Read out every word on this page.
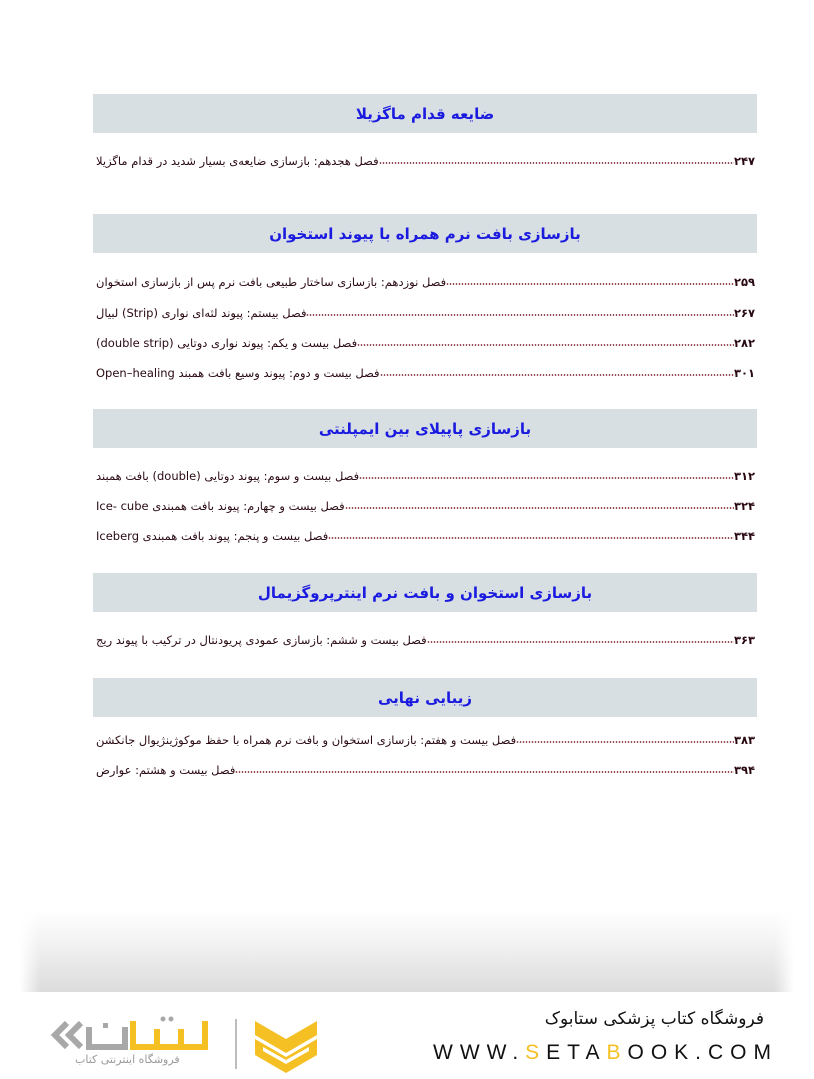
ضایعه قدام ماگزیلا
فصل هجدهم: بازسازی ضایعه‌ی بسیار شدید در قدام ماگزیلا	۲۴۷
بازسازی بافت نرم همراه با پیوند استخوان
فصل نوزدهم: بازسازی ساختار طبیعی بافت نرم پس از بازسازی استخوان	۲۵۹
فصل بیستم: پیوند لثه‌ای نواری (Strip) لبیال	۲۶۷
فصل بیست و یکم: پیوند نواری دوتایی (double strip)	۲۸۲
فصل بیست و دوم: پیوند وسیع بافت همبند Open–healing	۳۰۱
بازسازی پاپیلای بین ایمپلنتی
فصل بیست و سوم: پیوند دوتایی (double) بافت همبند	۳۱۲
فصل بیست و چهارم: پیوند بافت همبندی Ice- cube	۳۲۴
فصل بیست و پنجم: پیوند بافت همبندی Iceberg	۳۴۴
بازسازی استخوان و بافت نرم اینترپروگزیمال
فصل بیست و ششم: بازسازی عمودی پریودنتال در ترکیب با پیوند ریج	۳۶۳
زیبایی نهایی
فصل بیست و هفتم: بازسازی استخوان و بافت نرم همراه با حفظ موکوژینژیوال جانکشن	۳۸۳
فصل بیست و هشتم: عوارض	۳۹۴
فروشگاه کتاب پزشکی ستابوک
WWW.SETABOOK.COM
فروشگاه اینترنتی کتاب
